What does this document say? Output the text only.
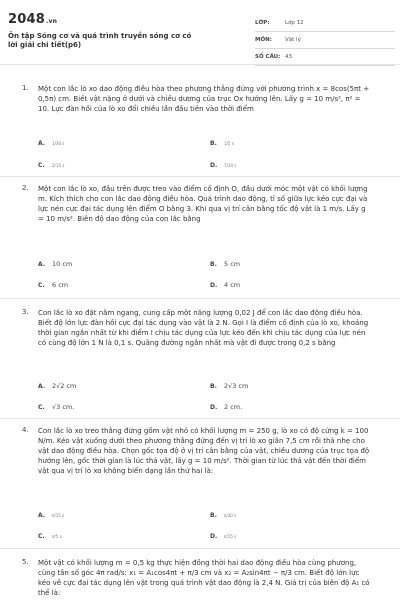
2048.vn
Ôn tập Sóng cơ và quá trình truyền sóng cơ có lời giải chi tiết(p6)
LỚP:	Lớp 12
MÔN:	Vật lý
SỐ CÂU: 43
1. Một con lắc lò xo dao động điều hòa theo phương thẳng đứng với phương trình x = 8cos(5πt + 0,5π) cm. Biết vật nặng ở dưới và chiều dương của trục Ox hướng lên. Lấy g = 10 m/s², π² = 10. Lực đàn hồi của lò xo đổi chiều lần đầu tiên vào thời điểm
A.	1/30 s	B.	1/5 s
C.	2/15 s	D.	7/30 s
2. Một con lắc lò xo, đầu trên được treo vào điểm cố định O, đầu dưới móc một vật có khối lượng m. Kích thích cho con lắc dao động điều hòa. Quá trình dao động, tỉ số giữa lực kéo cực đại và lực nén cực đại tác dụng lên điểm O bằng 3. Khi qua vị trí cân bằng tốc độ vật là 1 m/s. Lấy g = 10 m/s². Biên độ dao động của con lắc bằng
A.	10 cm	B.	5 cm
C.	6 cm	D.	4 cm
3. Con lắc lò xo đặt nằm ngang, cung cấp một năng lượng 0,02 J để con lắc dao động điều hòa. Biết độ lớn lực đàn hồi cực đại tác dụng vào vật là 2 N. Gọi I là điểm cố định của lò xo, khoảng thời gian ngắn nhất từ khi điểm I chịu tác dụng của lực kéo đến khi chịu tác dụng của lực nén có cùng độ lớn 1 N là 0,1 s. Quãng đường ngắn nhất mà vật đi được trong 0,2 s bằng
A.	2√2 cm	B.	2√3 cm
C.	√3 cm.	D.	2 cm.
4. Con lắc lò xo treo thẳng đứng gồm vật nhỏ có khối lượng m = 250 g, lò xo có độ cứng k = 100 N/m. Kéo vật xuống dưới theo phương thẳng đứng đến vị trí lò xo giãn 7,5 cm rồi thả nhẹ cho vật dao động điều hòa. Chọn gốc tọa độ ở vị trí cân bằng của vật, chiều dương của trục tọa độ hướng lên, gốc thời gian là lúc thả vật, lấy g = 10 m/s². Thời gian từ lúc thả vật đến thời điểm vật qua vị trí lò xo không biến dạng lần thứ hai là:
A.	π/15 s	B.	π/30 s
C.	π/5 s	D.	π/15 s
5. Một vật có khối lượng m = 0,5 kg thực hiện đồng thời hai dao động điều hòa cùng phương, cùng tần số góc 4π rad/s: x₁ = A₁cos4πt + π/3 cm và x₂ = A₂sin4πt − π/3 cm. Biết độ lớn lực kéo về cực đại tác dụng lên vật trong quá trình vật dao động là 2,4 N. Giá trị của biên độ A₁ có thể là:
